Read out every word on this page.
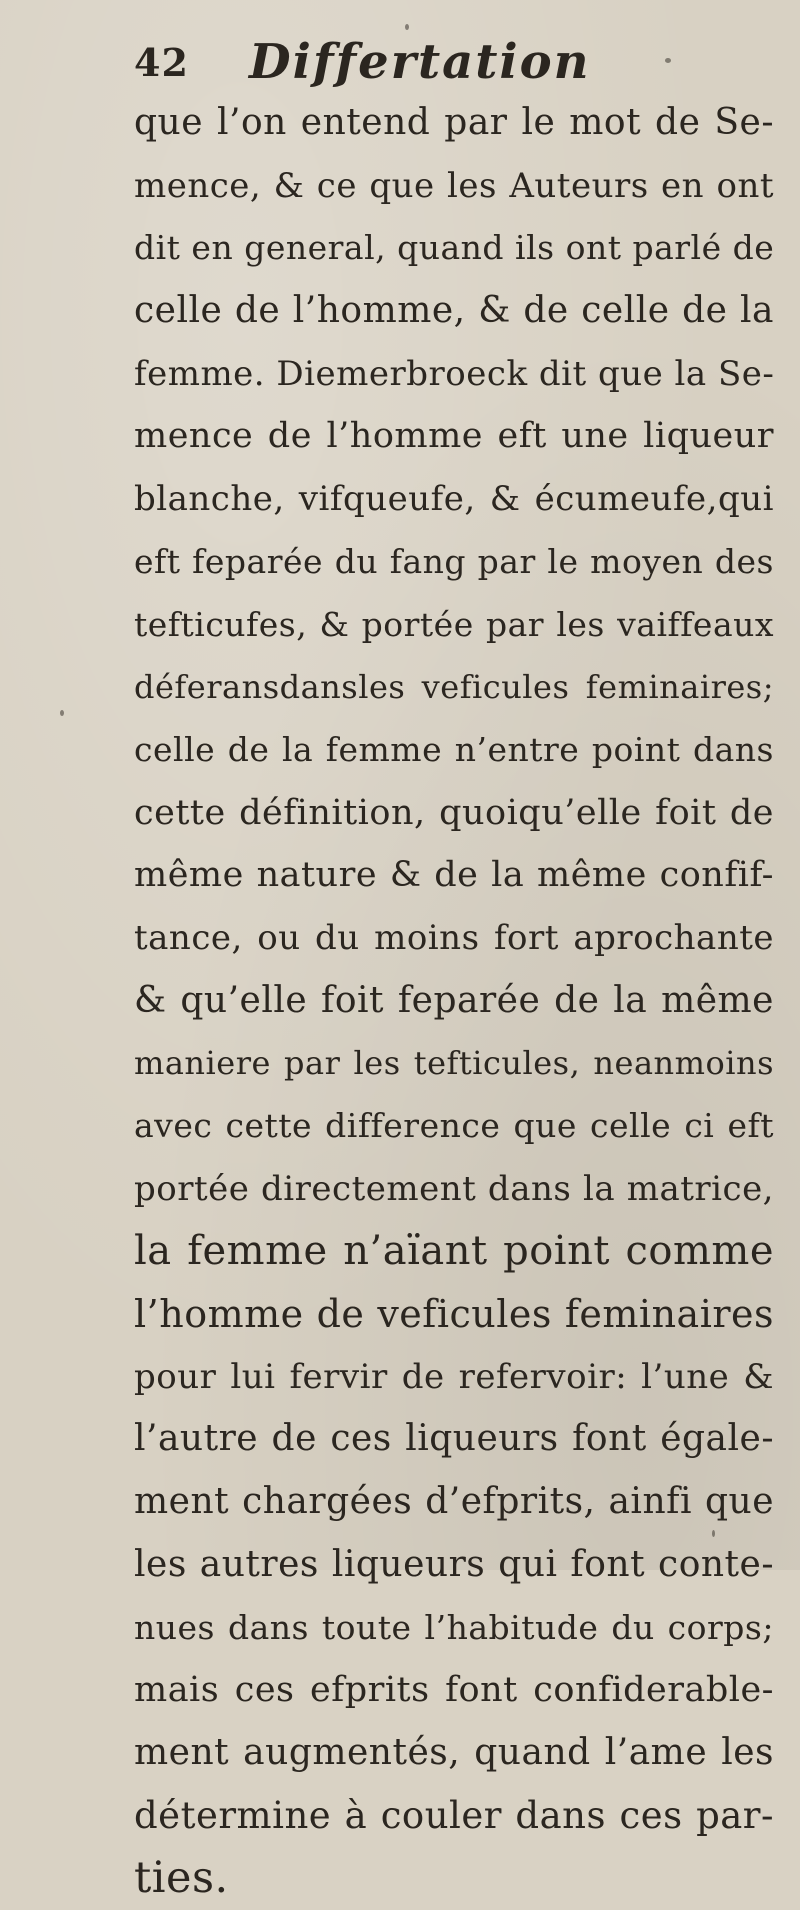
42 Differtation
que l’on entend par le mot de Se-
mence, & ce que les Auteurs en ont
dit en general, quand ils ont parlé de
celle de l’homme, & de celle de la
femme. Diemerbroeck dit que la Se-
mence de l’homme eft une liqueur
blanche, vifqueufe, & écumeufe,qui
eft feparée du fang par le moyen des
tefticufes, & portée par les vaiffeaux
déferansdansles veficules feminaires;
celle de la femme n’entre point dans
cette définition, quoiqu’elle foit de
même nature & de la même confif-
tance, ou du moins fort aprochante
& qu’elle foit feparée de la même
maniere par les tefticules, neanmoins
avec cette difference que celle ci eft
portée directement dans la matrice,
la femme n’aïant point comme
l’homme de veficules feminaires
pour lui fervir de refervoir: l’une &
l’autre de ces liqueurs font égale-
ment chargées d’efprits, ainfi que
les autres liqueurs qui font conte-
nues dans toute l’habitude du corps;
mais ces efprits font confiderable-
ment augmentés, quand l’ame les
détermine à couler dans ces par-
ties.
